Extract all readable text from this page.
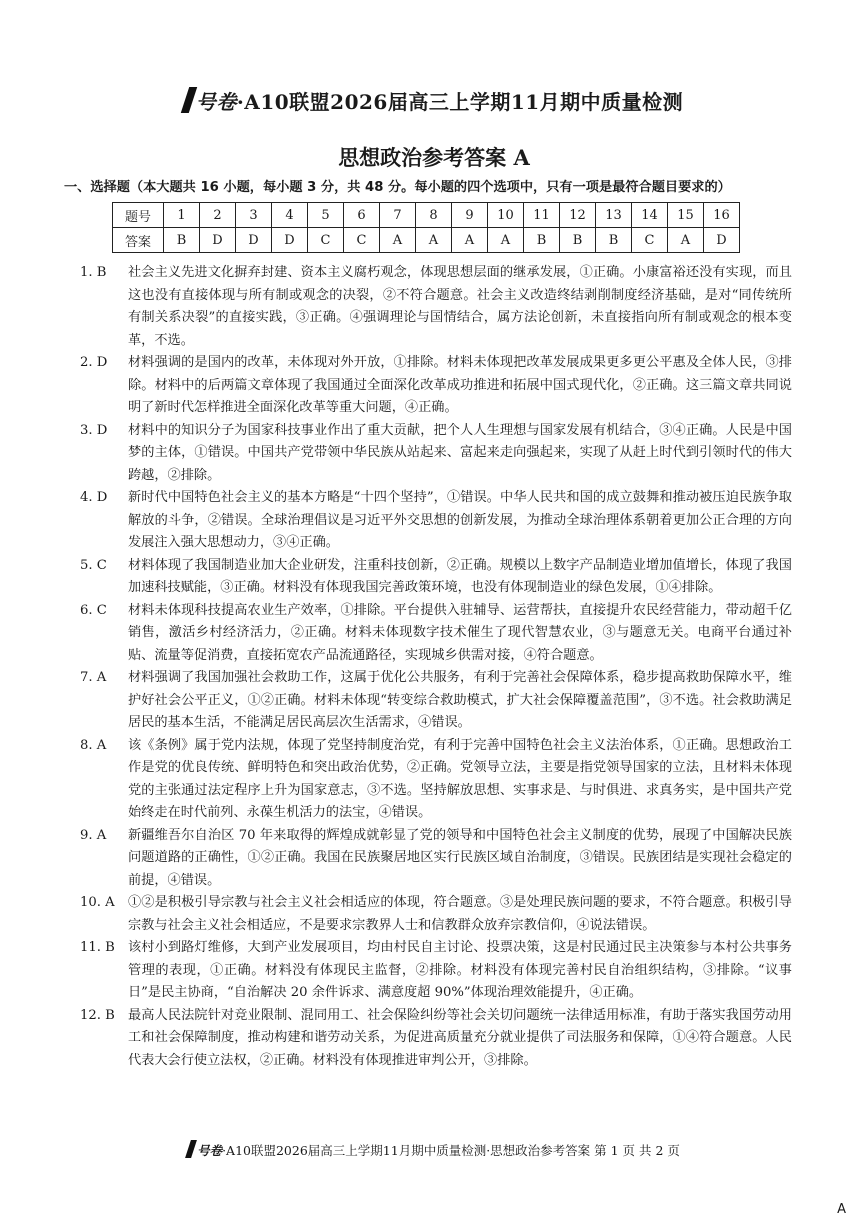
号卷·A10联盟2026届高三上学期11月期中质量检测
思想政治参考答案 A
一、选择题（本大题共 16 小题，每小题 3 分，共 48 分。每小题的四个选项中，只有一项是最符合题目要求的）
题号	1	2	3	4	5	6	7	8	9	10	11	12	13	14	15	16
答案	B	D	D	D	C	C	A	A	A	A	B	B	B	C	A	D
1. B	社会主义先进文化摒弃封建、资本主义腐朽观念，体现思想层面的继承发展，①正确。小康富裕还没有实现，而且这也没有直接体现与所有制或观念的决裂，②不符合题意。社会主义改造终结剥削制度经济基础，是对“同传统所有制关系决裂”的直接实践，③正确。④强调理论与国情结合，属方法论创新，未直接指向所有制或观念的根本变革，不选。
2. D	材料强调的是国内的改革，未体现对外开放，①排除。材料未体现把改革发展成果更多更公平惠及全体人民，③排除。材料中的后两篇文章体现了我国通过全面深化改革成功推进和拓展中国式现代化，②正确。这三篇文章共同说明了新时代怎样推进全面深化改革等重大问题，④正确。
3. D	材料中的知识分子为国家科技事业作出了重大贡献，把个人人生理想与国家发展有机结合，③④正确。人民是中国梦的主体，①错误。中国共产党带领中华民族从站起来、富起来走向强起来，实现了从赶上时代到引领时代的伟大跨越，②排除。
4. D	新时代中国特色社会主义的基本方略是“十四个坚持”，①错误。中华人民共和国的成立鼓舞和推动被压迫民族争取解放的斗争，②错误。全球治理倡议是习近平外交思想的创新发展，为推动全球治理体系朝着更加公正合理的方向发展注入强大思想动力，③④正确。
5. C	材料体现了我国制造业加大企业研发，注重科技创新，②正确。规模以上数字产品制造业增加值增长，体现了我国加速科技赋能，③正确。材料没有体现我国完善政策环境，也没有体现制造业的绿色发展，①④排除。
6. C	材料未体现科技提高农业生产效率，①排除。平台提供入驻辅导、运营帮扶，直接提升农民经营能力，带动超千亿销售，激活乡村经济活力，②正确。材料未体现数字技术催生了现代智慧农业，③与题意无关。电商平台通过补贴、流量等促消费，直接拓宽农产品流通路径，实现城乡供需对接，④符合题意。
7. A	材料强调了我国加强社会救助工作，这属于优化公共服务，有利于完善社会保障体系，稳步提高救助保障水平，维护好社会公平正义，①②正确。材料未体现“转变综合救助模式，扩大社会保障覆盖范围”，③不选。社会救助满足居民的基本生活，不能满足居民高层次生活需求，④错误。
8. A	该《条例》属于党内法规，体现了党坚持制度治党，有利于完善中国特色社会主义法治体系，①正确。思想政治工作是党的优良传统、鲜明特色和突出政治优势，②正确。党领导立法，主要是指党领导国家的立法，且材料未体现党的主张通过法定程序上升为国家意志，③不选。坚持解放思想、实事求是、与时俱进、求真务实，是中国共产党始终走在时代前列、永葆生机活力的法宝，④错误。
9. A	新疆维吾尔自治区 70 年来取得的辉煌成就彰显了党的领导和中国特色社会主义制度的优势，展现了中国解决民族问题道路的正确性，①②正确。我国在民族聚居地区实行民族区域自治制度，③错误。民族团结是实现社会稳定的前提，④错误。
10. A	①②是积极引导宗教与社会主义社会相适应的体现，符合题意。③是处理民族问题的要求，不符合题意。积极引导宗教与社会主义社会相适应，不是要求宗教界人士和信教群众放弃宗教信仰，④说法错误。
11. B 该村小到路灯维修，大到产业发展项目，均由村民自主讨论、投票决策，这是村民通过民主决策参与本村公共事务管理的表现，①正确。材料没有体现民主监督，②排除。材料没有体现完善村民自治组织结构，③排除。“议事日”是民主协商，“自治解决 20 余件诉求、满意度超 90%”体现治理效能提升，④正确。
12. B 最高人民法院针对竞业限制、混同用工、社会保险纠纷等社会关切问题统一法律适用标准，有助于落实我国劳动用工和社会保障制度，推动构建和谐劳动关系，为促进高质量充分就业提供了司法服务和保障，①④符合题意。人民代表大会行使立法权，②正确。材料没有体现推进审判公开，③排除。
号卷·A10联盟2026届高三上学期11月期中质量检测·思想政治参考答案 第 1 页 共 2 页
A
